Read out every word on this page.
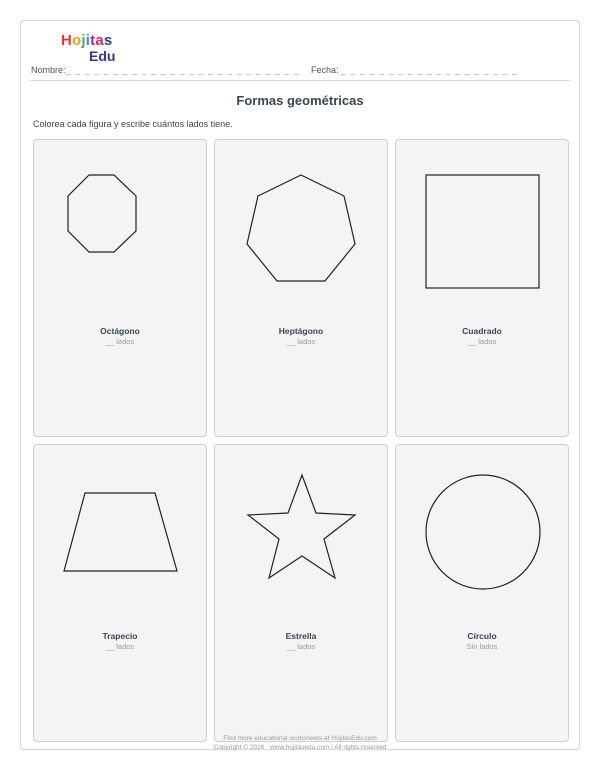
Hojitas
Edu
Nombre:_ _ _ _ _ _ _ _ _ _ _ _ _ _ _ _ _ _ _ _ _ _ _ _ _ Fecha: _ _ _ _ _ _ _ _ _ _ _ _ _ _ _ _ _ _ _
Formas geométricas
Colorea cada figura y escribe cuántos lados tiene.
Octágono
__ lados
Heptágono
__ lados
Cuadrado
__ lados
Trapecio
__ lados
Estrella
__ lados
Círculo
Sin lados
Find more educational worksheets at HojitasEdu.com
Copyright © 2026 · www.hojitasedu.com | All rights reserved
